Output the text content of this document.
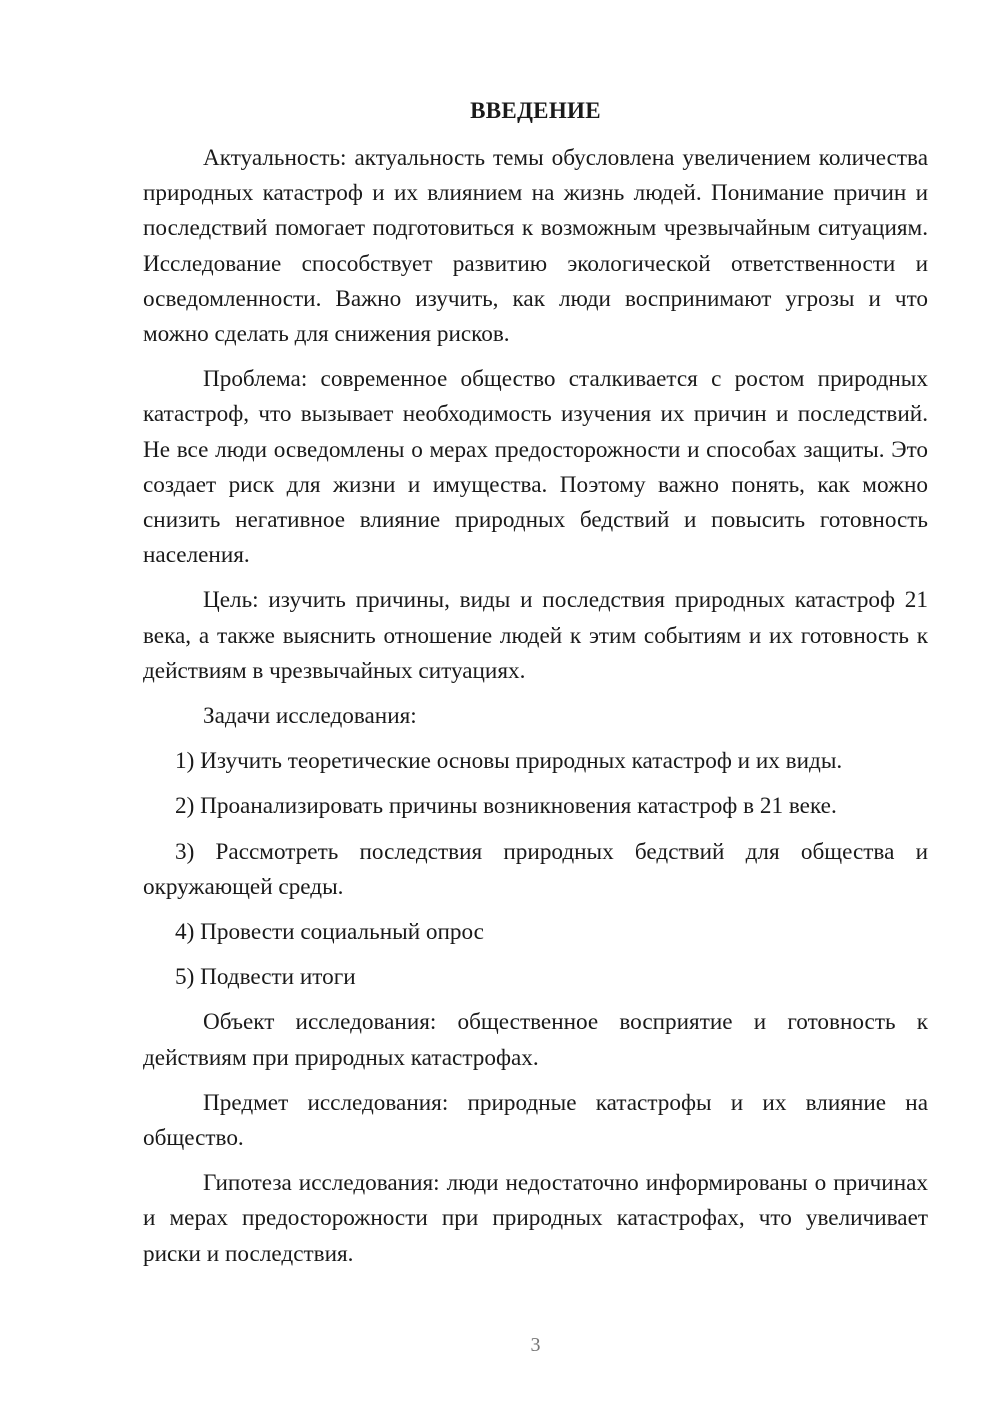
ВВЕДЕНИЕ

Актуальность: актуальность темы обусловлена увеличением количества природных катастроф и их влиянием на жизнь людей. Понимание причин и последствий помогает подготовиться к возможным чрезвычайным ситуациям. Исследование способствует развитию экологической ответственности и осведомленности. Важно изучить, как люди воспринимают угрозы и что можно сделать для снижения рисков.

Проблема: современное общество сталкивается с ростом природных катастроф, что вызывает необходимость изучения их причин и последствий. Не все люди осведомлены о мерах предосторожности и способах защиты. Это создает риск для жизни и имущества. Поэтому важно понять, как можно снизить негативное влияние природных бедствий и повысить готовность населения.

Цель: изучить причины, виды и последствия природных катастроф 21 века, а также выяснить отношение людей к этим событиям и их готовность к действиям в чрезвычайных ситуациях.

Задачи исследования:

1) Изучить теоретические основы природных катастроф и их виды.

2) Проанализировать причины возникновения катастроф в 21 веке.

3) Рассмотреть последствия природных бедствий для общества и окружающей среды.

4) Провести социальный опрос

5) Подвести итоги

Объект исследования: общественное восприятие и готовность к действиям при природных катастрофах.

Предмет исследования: природные катастрофы и их влияние на общество.

Гипотеза исследования: люди недостаточно информированы о причинах и мерах предосторожности при природных катастрофах, что увеличивает риски и последствия.

3
